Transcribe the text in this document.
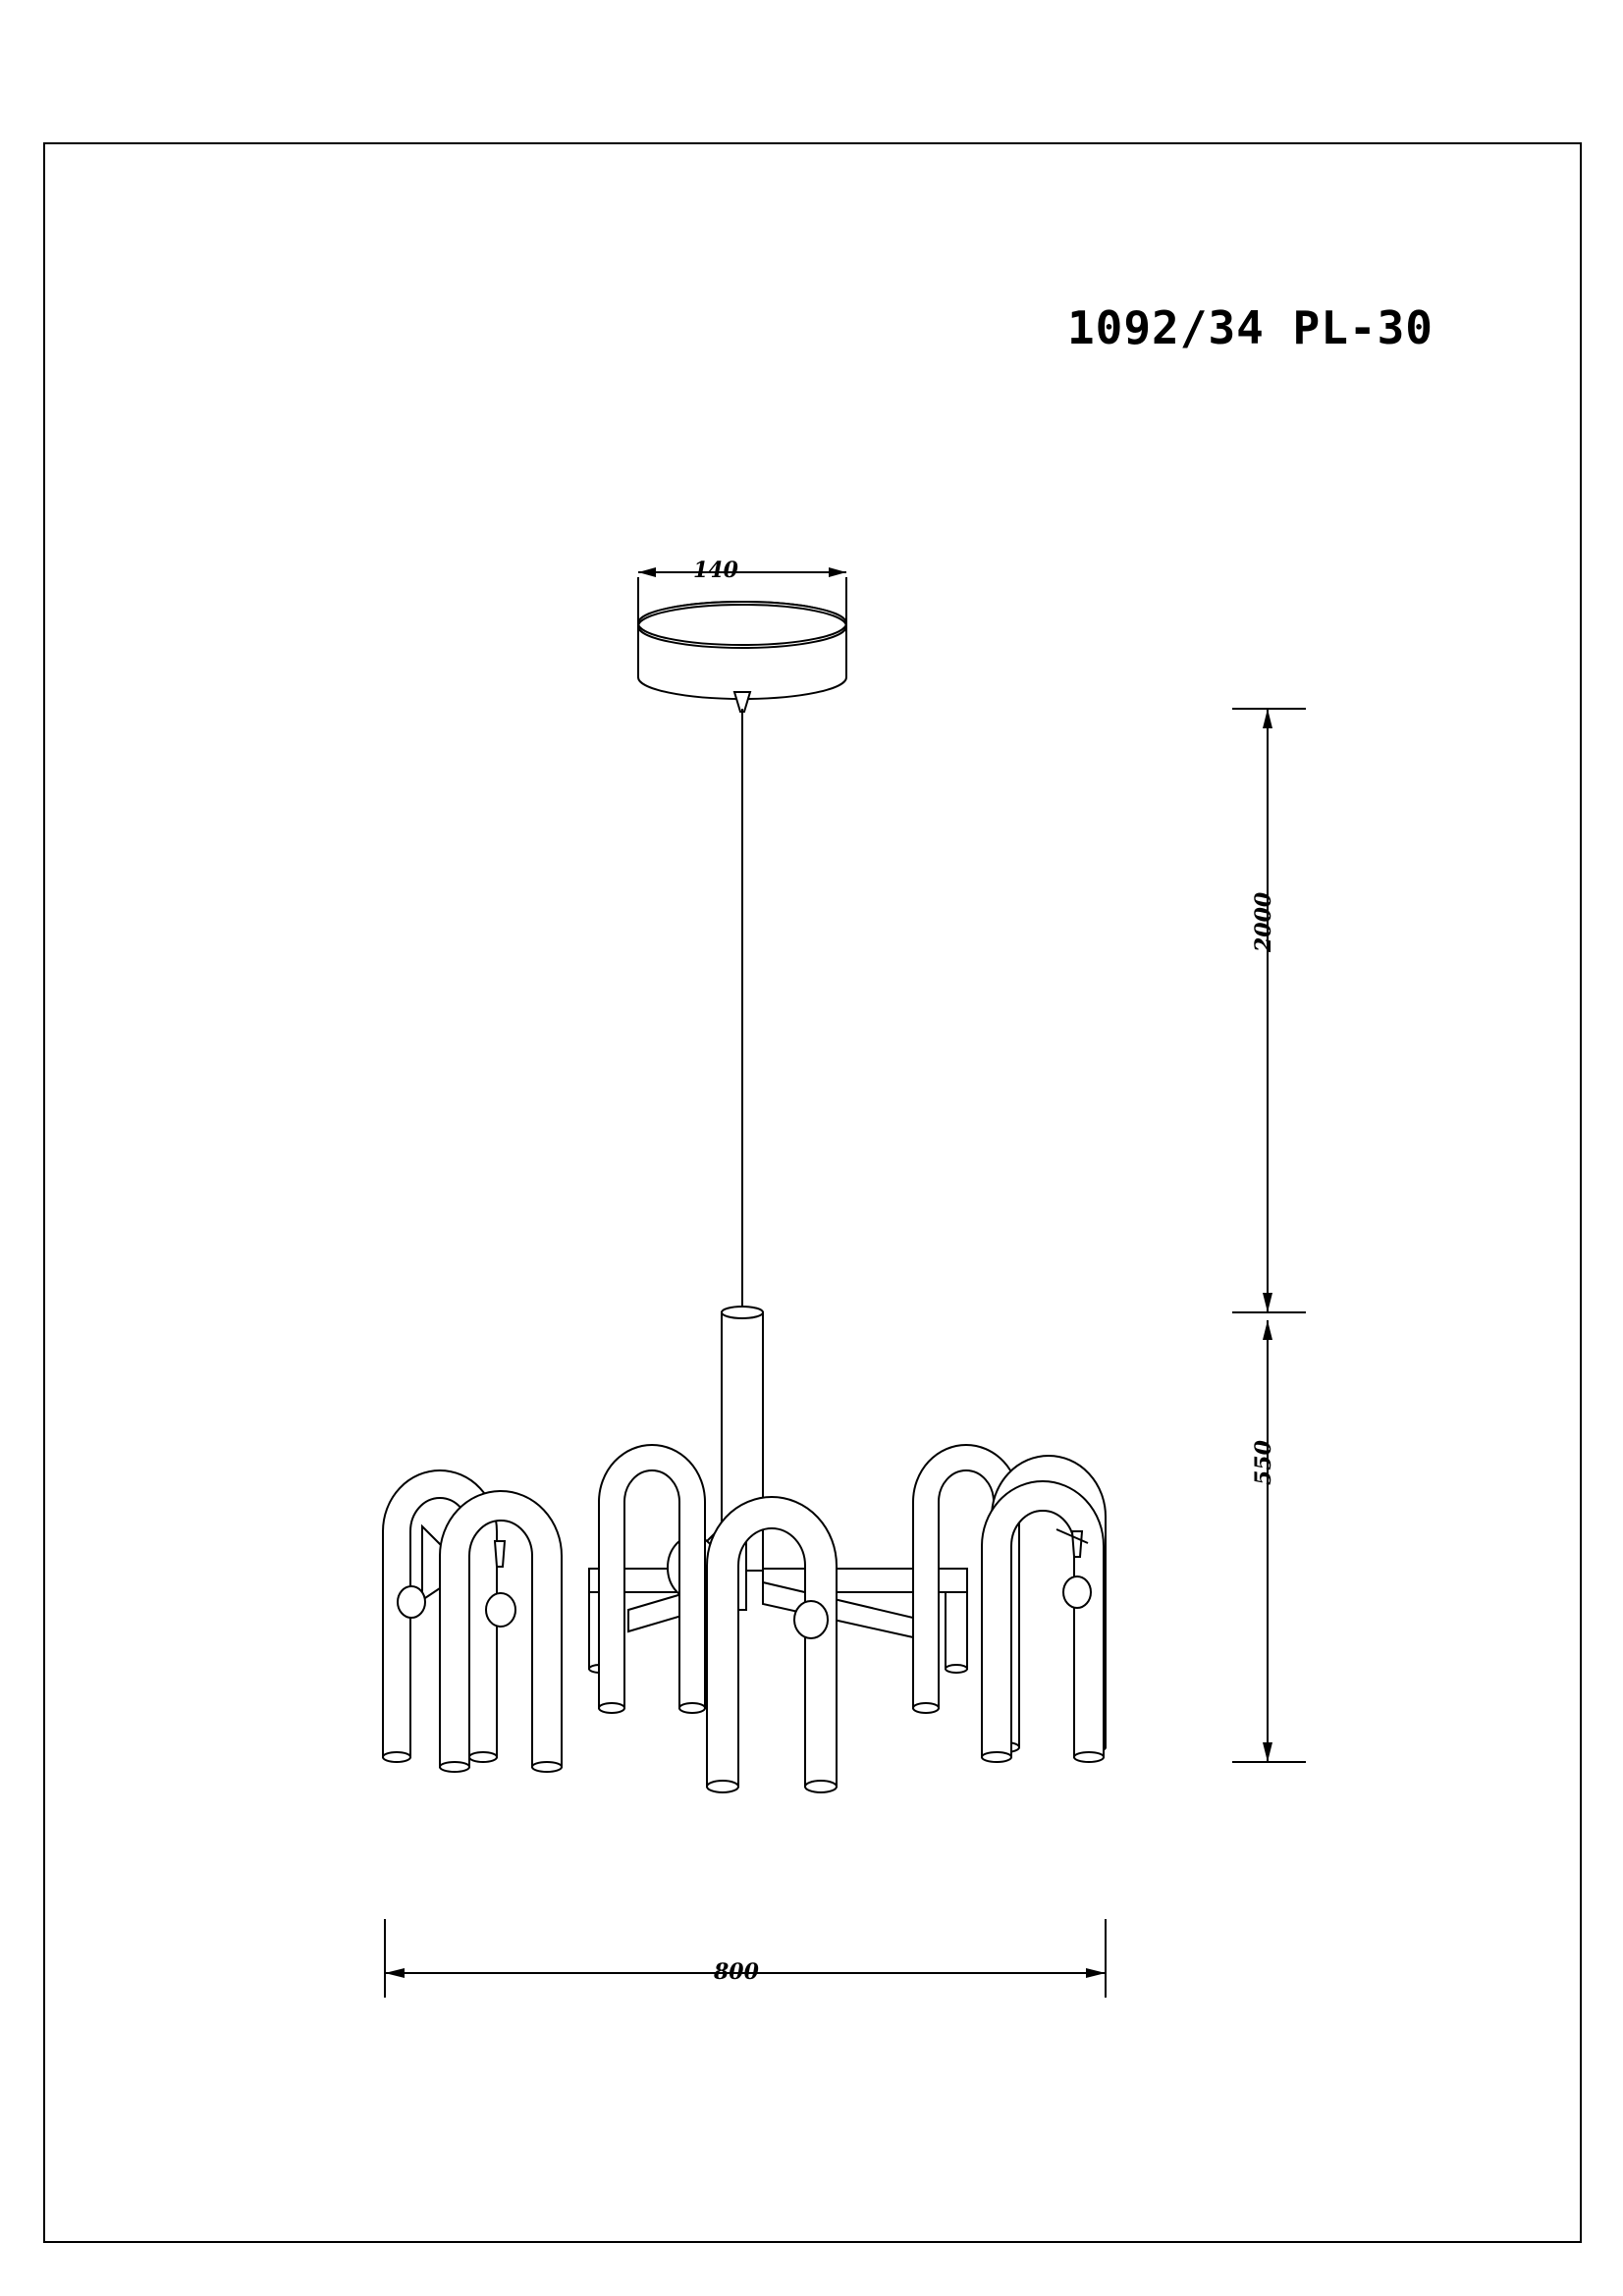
1092/34 PL-30
140
800
2000
550
